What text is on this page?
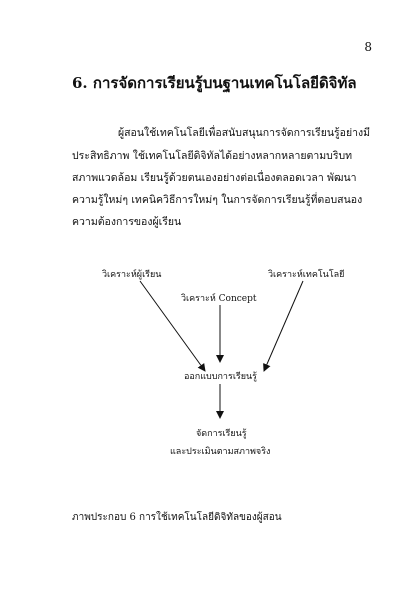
8
6. การจัดการเรียนรู้บนฐานเทคโนโลยีดิจิทัล
ผู้สอนใช้เทคโนโลยีเพื่อสนับสนุนการจัดการเรียนรู้อย่างมี
ประสิทธิภาพ ใช้เทคโนโลยีดิจิทัลได้อย่างหลากหลายตามบริบท
สภาพแวดล้อม เรียนรู้ด้วยตนเองอย่างต่อเนื่องตลอดเวลา พัฒนา
ความรู้ใหม่ๆ เทคนิควิธีการใหม่ๆ ในการจัดการเรียนรู้ที่ตอบสนอง
ความต้องการของผู้เรียน
วิเคราะห์ผู้เรียน	วิเคราะห์เทคโนโลยี
วิเคราะห์ Concept
ออกแบบการเรียนรู้
จัดการเรียนรู้
และประเมินตามสภาพจริง
ภาพประกอบ 6 การใช้เทคโนโลยีดิจิทัลของผู้สอน
